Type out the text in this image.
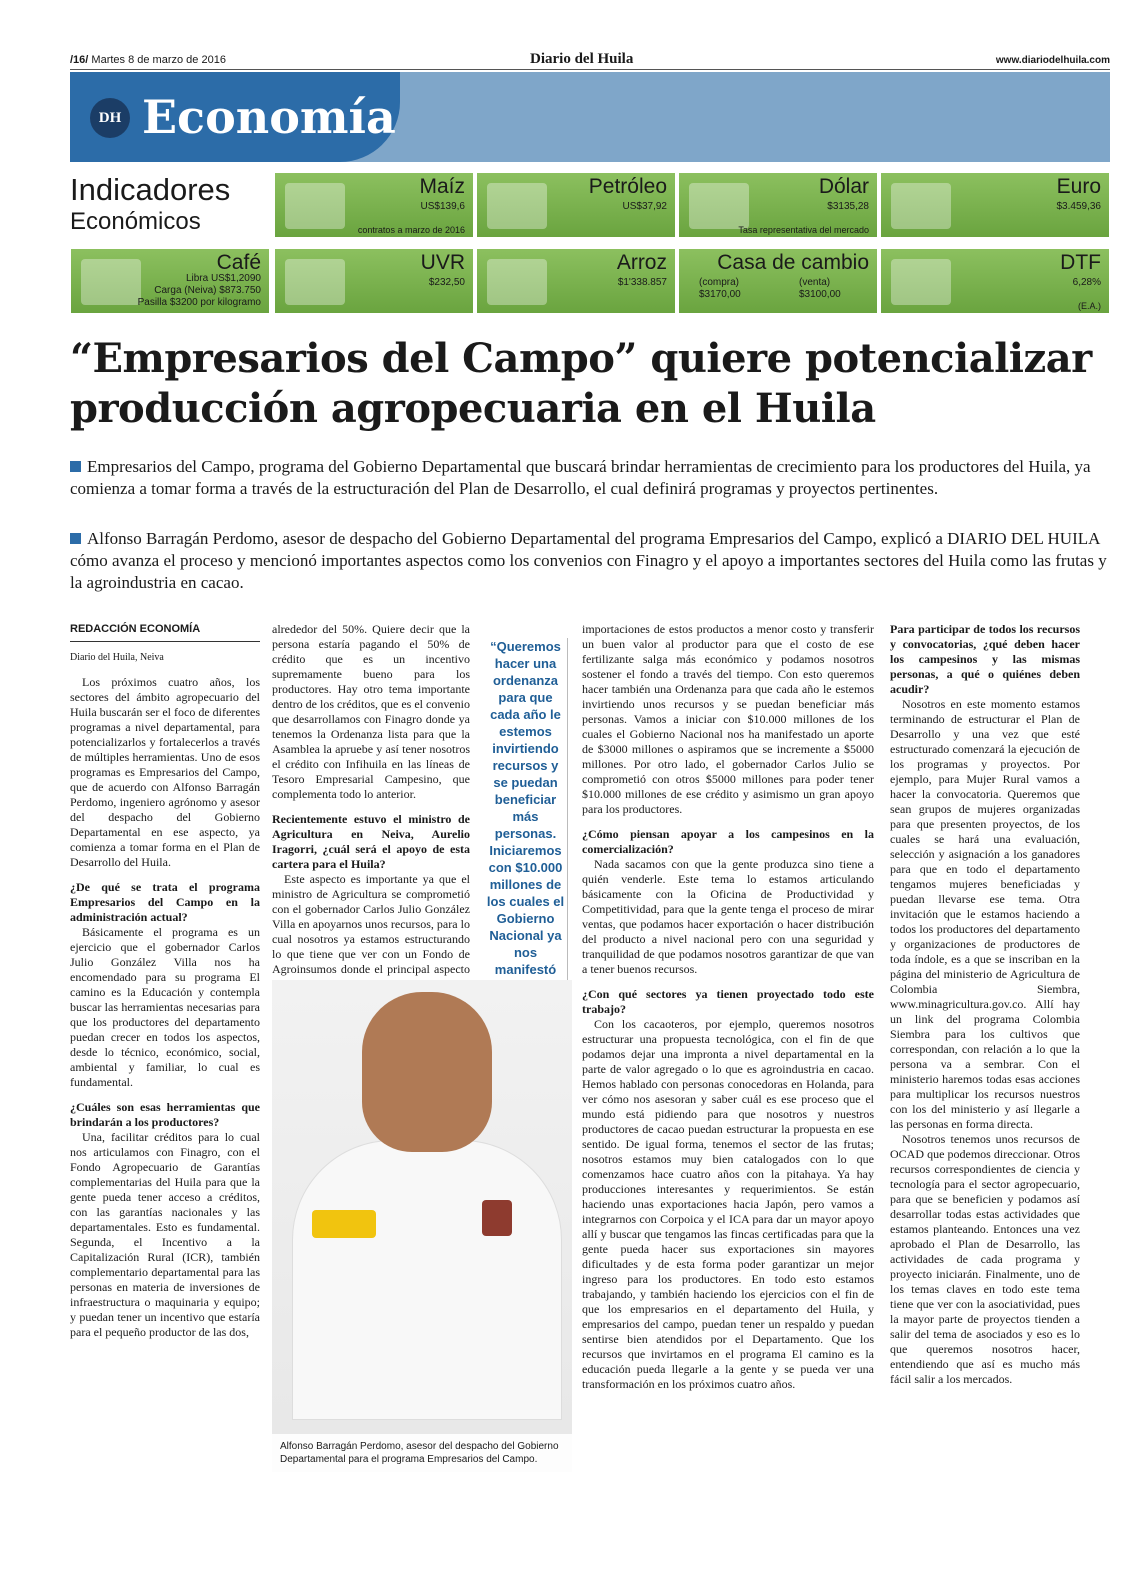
/16/ Martes 8 de marzo de 2016	Diario del Huila	www.diariodelhuila.com
DH Economía
Indicadores
Económicos
Maíz
US$139,6
contratos a marzo de 2016
Petróleo
US$37,92
Dólar
$3135,28
Tasa representativa del mercado
Euro
$3.459,36
Café
Libra US$1,2090
Carga (Neiva) $873.750
Pasilla $3200 por kilogramo
UVR
$232,50
Arroz
$1'338.857
Casa de cambio
(compra)
$3170,00
(venta)
$3100,00
DTF
6,28%
(E.A.)
“Empresarios del Campo” quiere potencializar producción agropecuaria en el Huila

Empresarios del Campo, programa del Gobierno Departamental que buscará brindar herramientas de crecimiento para los productores del Huila, ya comienza a tomar forma a través de la estructuración del Plan de Desarrollo, el cual definirá programas y proyectos pertinentes.

Alfonso Barragán Perdomo, asesor de despacho del Gobierno Departamental del programa Empresarios del Campo, explicó a DIARIO DEL HUILA cómo avanza el proceso y mencionó importantes aspectos como los convenios con Finagro y el apoyo a importantes sectores del Huila como las frutas y la agroindustria en cacao.

REDACCIÓN ECONOMÍA
Diario del Huila, Neiva

Los próximos cuatro años, los sectores del ámbito agropecuario del Huila buscarán ser el foco de diferentes programas a nivel departamental, para potencializarlos y fortalecerlos a través de múltiples herramientas. Uno de esos programas es Empresarios del Campo, que de acuerdo con Alfonso Barragán Perdomo, ingeniero agrónomo y asesor del despacho del Gobierno Departamental en ese aspecto, ya comienza a tomar forma en el Plan de Desarrollo del Huila.

¿De qué se trata el programa Empresarios del Campo en la administración actual?

Básicamente el programa es un ejercicio que el gobernador Carlos Julio González Villa nos ha encomendado para su programa El camino es la Educación y contempla buscar las herramientas necesarias para que los productores del departamento puedan crecer en todos los aspectos, desde lo técnico, económico, social, ambiental y familiar, lo cual es fundamental.

¿Cuáles son esas herramientas que brindarán a los productores?

Una, facilitar créditos para lo cual nos articulamos con Finagro, con el Fondo Agropecuario de Garantías complementarias del Huila para que la gente pueda tener acceso a créditos, con las garantías nacionales y las departamentales. Esto es fundamental. Segunda, el Incentivo a la Capitalización Rural (ICR), también complementario departamental para las personas en materia de inversiones de infraestructura o maquinaria y equipo; y puedan tener un incentivo que estaría para el pequeño productor de las dos,

alrededor del 50%. Quiere decir que la persona estaría pagando el 50% de crédito que es un incentivo supremamente bueno para los productores. Hay otro tema importante dentro de los créditos, que es el convenio que desarrollamos con Finagro donde ya tenemos la Ordenanza lista para que la Asamblea la apruebe y así tener nosotros el crédito con Infihuila en las líneas de Tesoro Empresarial Campesino, que complementa todo lo anterior.

Recientemente estuvo el ministro de Agricultura en Neiva, Aurelio Iragorri, ¿cuál será el apoyo de esta cartera para el Huila?

Este aspecto es importante ya que el ministro de Agricultura se comprometió con el gobernador Carlos Julio González Villa en apoyarnos unos recursos, para lo cual nosotros ya estamos estructurando lo que tiene que ver con un Fondo de Agroinsumos donde el principal aspecto

“Queremos hacer una ordenanza para que cada año le estemos invirtiendo recursos y se puedan beneficiar más personas. Iniciaremos con $10.000 millones de los cuales el Gobierno Nacional ya nos manifestó
Alfonso Barragán Perdomo, asesor del despacho del Gobierno Departamental para el programa Empresarios del Campo.

importaciones de estos productos a menor costo y transferir un buen valor al productor para que el costo de ese fertilizante salga más económico y podamos nosotros sostener el fondo a través del tiempo. Con esto queremos hacer también una Ordenanza para que cada año le estemos invirtiendo unos recursos y se puedan beneficiar más personas. Vamos a iniciar con $10.000 millones de los cuales el Gobierno Nacional nos ha manifestado un aporte de $3000 millones o aspiramos que se incremente a $5000 millones. Por otro lado, el gobernador Carlos Julio se comprometió con otros $5000 millones para poder tener $10.000 millones de ese crédito y asimismo un gran apoyo para los productores.

¿Cómo piensan apoyar a los campesinos en la comercialización?

Nada sacamos con que la gente produzca sino tiene a quién venderle. Este tema lo estamos articulando básicamente con la Oficina de Productividad y Competitividad, para que la gente tenga el proceso de mirar ventas, que podamos hacer exportación o hacer distribución del producto a nivel nacional pero con una seguridad y tranquilidad de que podamos nosotros garantizar de que van a tener buenos recursos.

¿Con qué sectores ya tienen proyectado todo este trabajo?

Con los cacaoteros, por ejemplo, queremos nosotros estructurar una propuesta tecnológica, con el fin de que podamos dejar una impronta a nivel departamental en la parte de valor agregado o lo que es agroindustria en cacao. Hemos hablado con personas conocedoras en Holanda, para ver cómo nos asesoran y saber cuál es ese proceso que el mundo está pidiendo para que nosotros y nuestros productores de cacao puedan estructurar la propuesta en ese sentido. De igual forma, tenemos el sector de las frutas; nosotros estamos muy bien catalogados con lo que comenzamos hace cuatro años con la pitahaya. Ya hay producciones interesantes y requerimientos. Se están haciendo unas exportaciones hacia Japón, pero vamos a integrarnos con Corpoica y el ICA para dar un mayor apoyo allí y buscar que tengamos las fincas certificadas para que la gente pueda hacer sus exportaciones sin mayores dificultades y de esta forma poder garantizar un mejor ingreso para los productores. En todo esto estamos trabajando, y también haciendo los ejercicios con el fin de que los empresarios en el departamento del Huila, y empresarios del campo, puedan tener un respaldo y puedan sentirse bien atendidos por el Departamento. Que los recursos que invirtamos en el programa El camino es la educación pueda llegarle a la gente y se pueda ver una transformación en los próximos cuatro años.

Para participar de todos los recursos y convocatorias, ¿qué deben hacer los campesinos y las mismas personas, a qué o quiénes deben acudir?

Nosotros en este momento estamos terminando de estructurar el Plan de Desarrollo y una vez que esté estructurado comenzará la ejecución de los programas y proyectos. Por ejemplo, para Mujer Rural vamos a hacer la convocatoria. Queremos que sean grupos de mujeres organizadas para que presenten proyectos, de los cuales se hará una evaluación, selección y asignación a los ganadores para que en todo el departamento tengamos mujeres beneficiadas y puedan llevarse ese tema. Otra invitación que le estamos haciendo a todos los productores del departamento y organizaciones de productores de toda índole, es a que se inscriban en la página del ministerio de Agricultura de Colombia Siembra, www.minagricultura.gov.co. Allí hay un link del programa Colombia Siembra para los cultivos que correspondan, con relación a lo que la persona va a sembrar. Con el ministerio haremos todas esas acciones para multiplicar los recursos nuestros con los del ministerio y así llegarle a las personas en forma directa.

Nosotros tenemos unos recursos de OCAD que podemos direccionar. Otros recursos correspondientes de ciencia y tecnología para el sector agropecuario, para que se beneficien y podamos así desarrollar todas estas actividades que estamos planteando. Entonces una vez aprobado el Plan de Desarrollo, las actividades de cada programa y proyecto iniciarán. Finalmente, uno de los temas claves en todo este tema tiene que ver con la asociatividad, pues la mayor parte de proyectos tienden a salir del tema de asociados y eso es lo que queremos nosotros hacer, entendiendo que así es mucho más fácil salir a los mercados.
